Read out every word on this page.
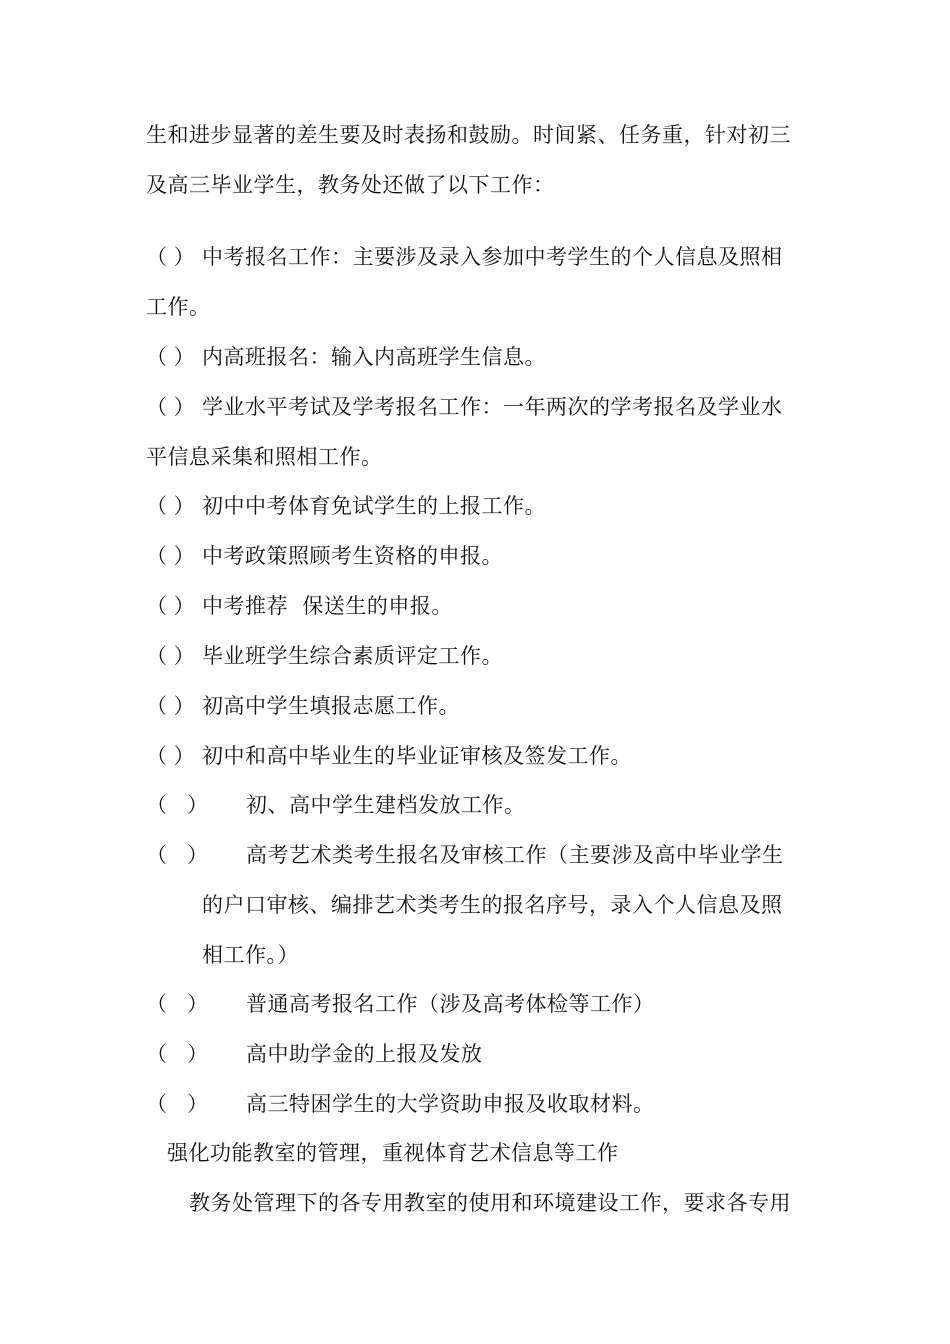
生和进步显著的差生要及时表扬和鼓励。时间紧、任务重，针对初三
及高三毕业学生，教务处还做了以下工作：
（ ） 中考报名工作：主要涉及录入参加中考学生的个人信息及照相
工作。
（ ） 内高班报名：输入内高班学生信息。
（ ） 学业水平考试及学考报名工作：一年两次的学考报名及学业水
平信息采集和照相工作。
（ ） 初中中考体育免试学生的上报工作。
（ ） 中考政策照顾考生资格的申报。
（ ） 中考推荐  保送生的申报。
（ ） 毕业班学生综合素质评定工作。
（ ） 初高中学生填报志愿工作。
（ ） 初中和高中毕业生的毕业证审核及签发工作。
（   ） 初、高中学生建档发放工作。
（   ） 高考艺术类考生报名及审核工作（主要涉及高中毕业学生
的户口审核、编排艺术类考生的报名序号，录入个人信息及照
相工作。）
（   ） 普通高考报名工作（涉及高考体检等工作）
（   ） 高中助学金的上报及发放
（   ） 高三特困学生的大学资助申报及收取材料。
强化功能教室的管理，重视体育艺术信息等工作
教务处管理下的各专用教室的使用和环境建设工作，要求各专用
